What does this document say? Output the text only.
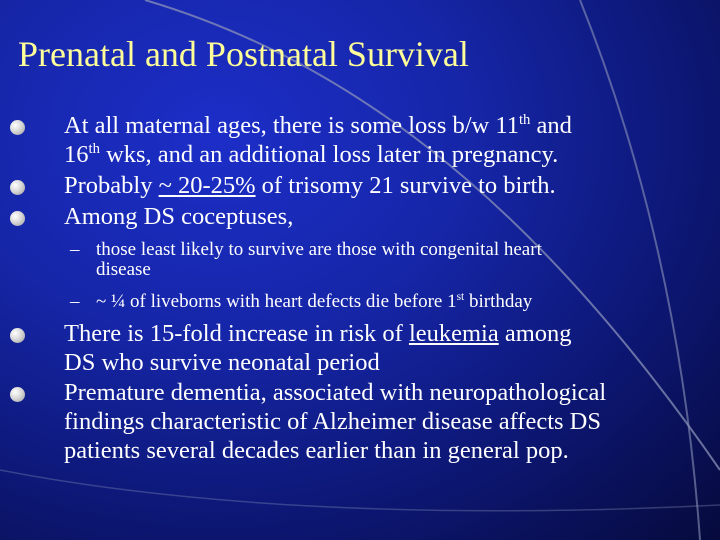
Prenatal and Postnatal Survival
At all maternal ages, there is some loss b/w 11th and
16th wks, and an additional loss later in pregnancy.
Probably ~ 20-25% of trisomy 21 survive to birth.
Among DS coceptuses,
– those least likely to survive are those with congenital heart
disease
– ~ ¼ of liveborns with heart defects die before 1st birthday
There is 15-fold increase in risk of leukemia among
DS who survive neonatal period
Premature dementia, associated with neuropathological
findings characteristic of Alzheimer disease affects DS
patients several decades earlier than in general pop.
